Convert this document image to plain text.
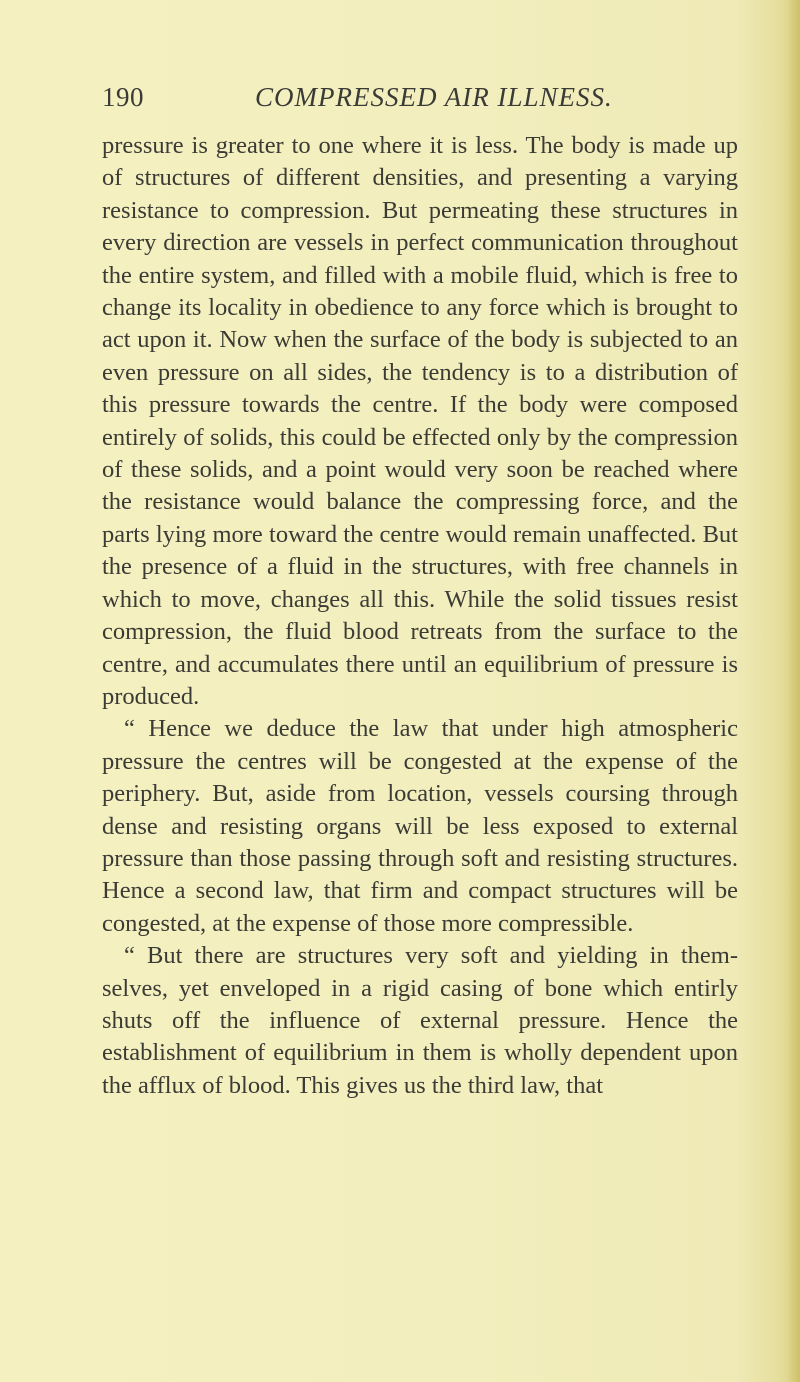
190	COMPRESSED AIR ILLNESS.

pressure is greater to one where it is less. The body is made up of structures of different densities, and presenting a varying resistance to compression. But permeating these structures in every direction are vessels in perfect communication throughout the entire system, and filled with a mobile fluid, which is free to change its locality in obedience to any force which is brought to act upon it. Now when the surface of the body is subjected to an even pressure on all sides, the tendency is to a distribution of this pressure towards the centre. If the body were composed entirely of solids, this could be effected only by the compression of these solids, and a point would very soon be reached where the resistance would balance the compressing force, and the parts lying more toward the centre would remain unaffected. But the presence of a fluid in the structures, with free channels in which to move, changes all this. While the solid tissues resist compression, the fluid blood retreats from the surface to the centre, and accumulates there until an equilibrium of pressure is produced.

“ Hence we deduce the law that under high atmospheric pressure the centres will be congested at the expense of the periphery. But, aside from location, vessels coursing through dense and resisting organs will be less exposed to external pressure than those passing through soft and resisting structures. Hence a second law, that firm and compact structures will be congested, at the expense of those more compressible.

“ But there are structures very soft and yielding in them- selves, yet enveloped in a rigid casing of bone which entirly shuts off the influence of external pressure. Hence the establishment of equilibrium in them is wholly dependent upon the afflux of blood. This gives us the third law, that
